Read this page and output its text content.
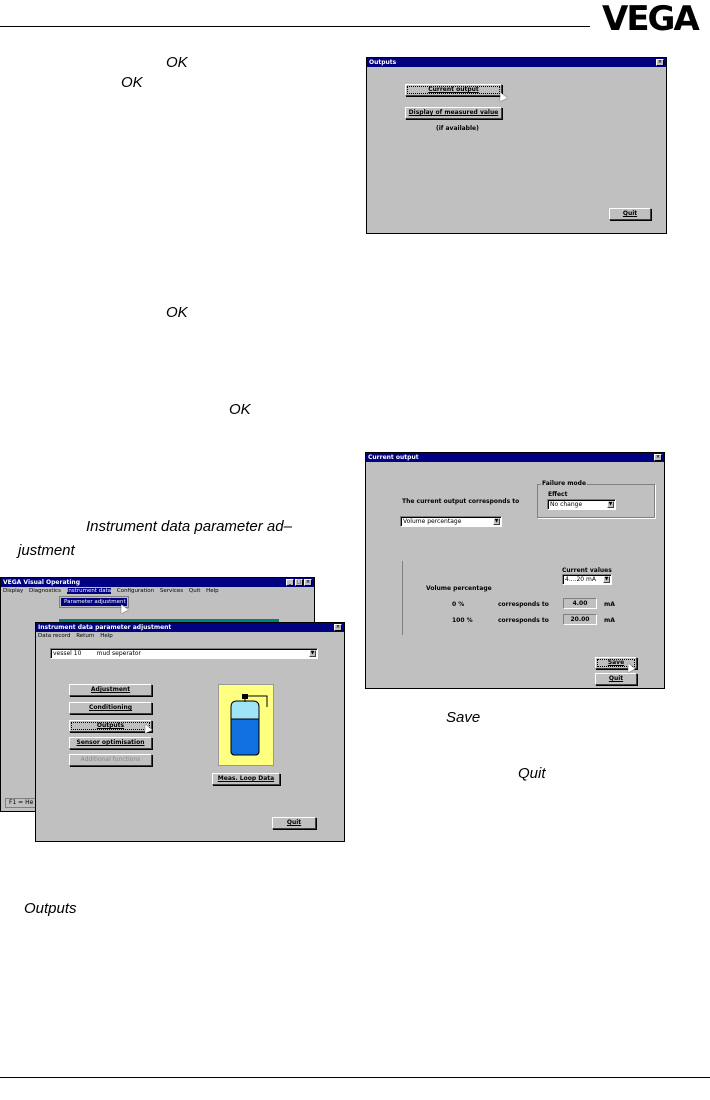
VEGA
OK
OK
OK
OK
Instrument data parameter ad–
justment
Outputs
Save
Quit
Outputs	×
Current output
Display of measured value
(if available)
Quit
VEGA Visual Operating	_	□ ×
Display Diagnostics Instrument data Configuration Services Quit Help
Parameter adjustment
F1 = He
Instrument data parameter adjustment	×
Data record Return Help
vessel 10        mud seperator	▼
Adjustment
Conditioning
Outputs
Sensor optimisation
Additional functions
Meas. Loop Data
Quit
Current output	×
Failure mode
Effect
No change	▼
The current output corresponds to
Volume percentage	▼
Current values
4....20 mA	▼
Volume percentage
0 %	corresponds to	4.00	mA
100 %	corresponds to	20.00	mA
Save
Quit
